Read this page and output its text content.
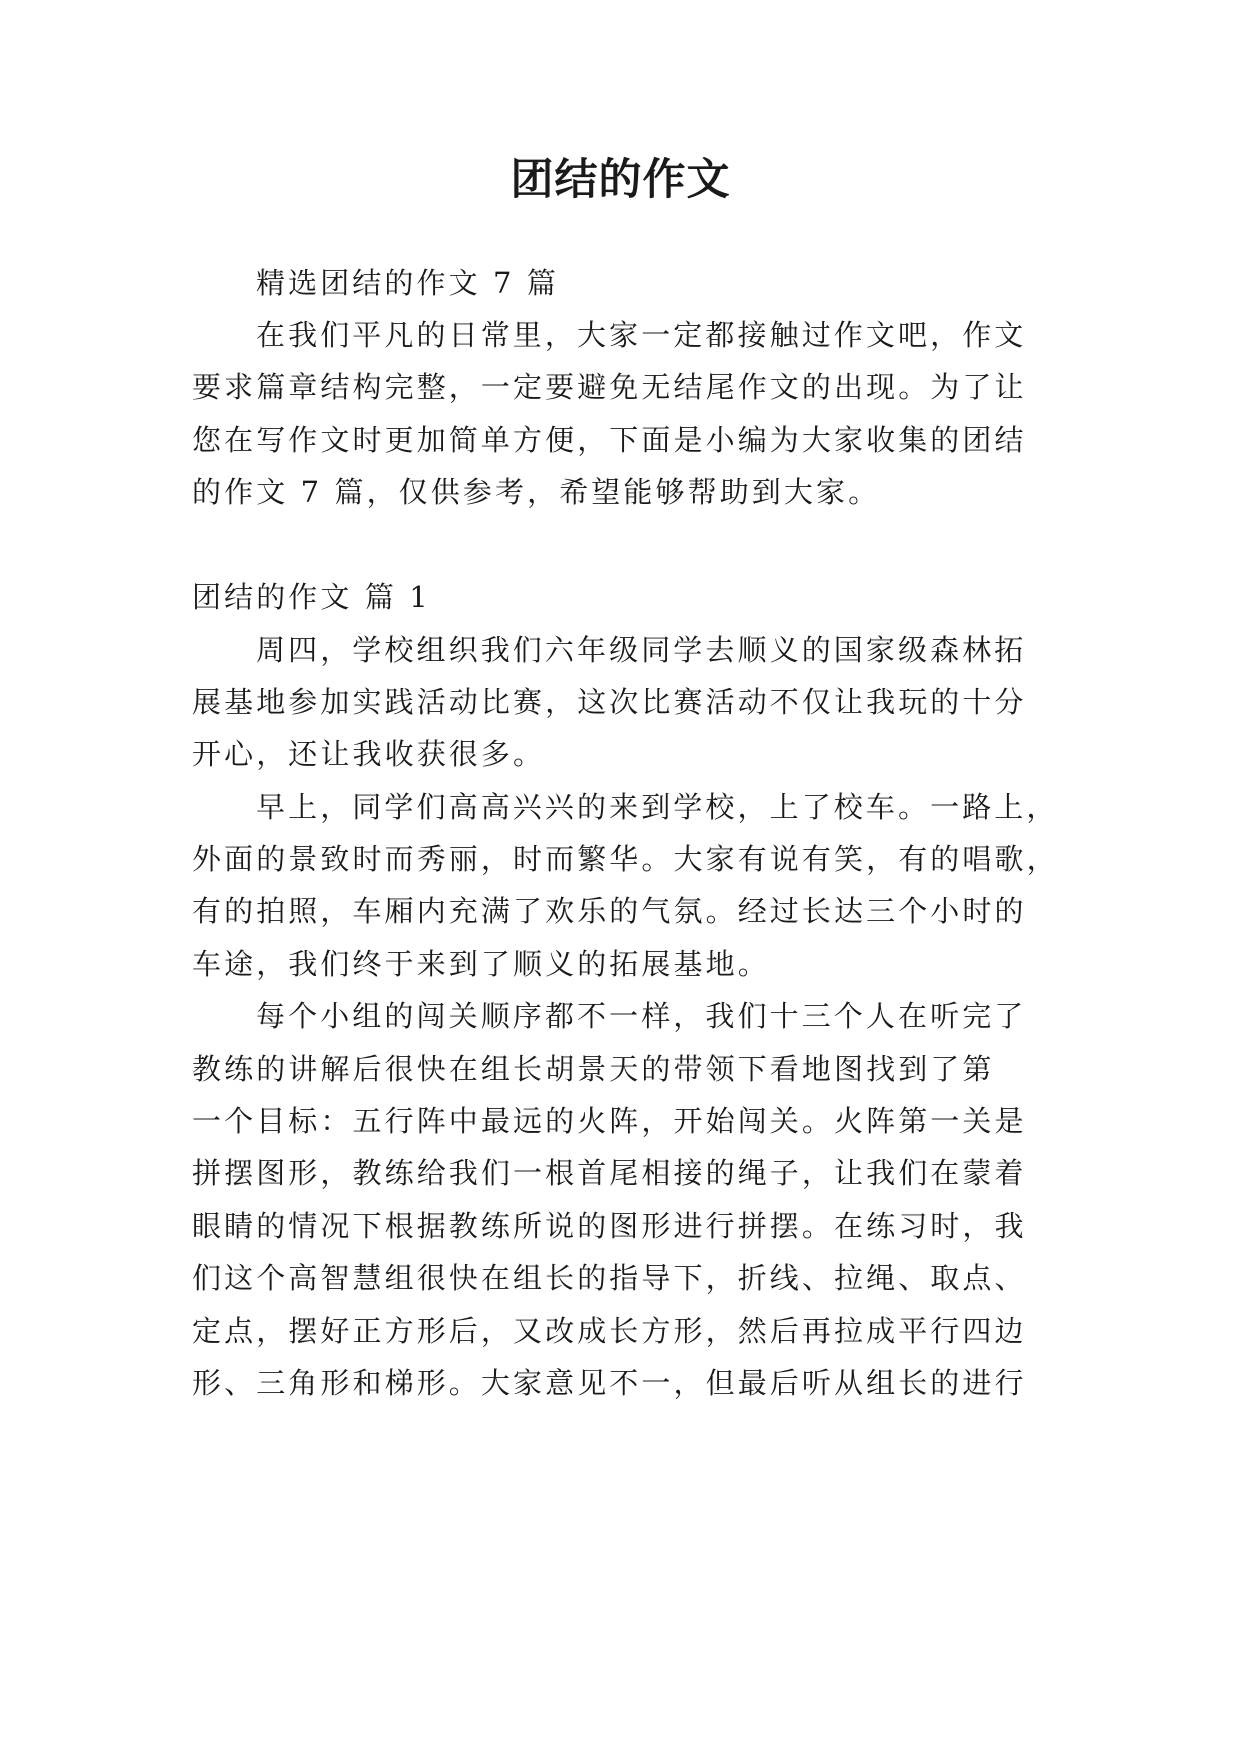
团结的作文

精选团结的作文 7 篇

在我们平凡的日常里，大家一定都接触过作文吧，作文

要求篇章结构完整，一定要避免无结尾作文的出现。为了让

您在写作文时更加简单方便，下面是小编为大家收集的团结

的作文 7 篇，仅供参考，希望能够帮助到大家。

团结的作文 篇 1

周四，学校组织我们六年级同学去顺义的国家级森林拓

展基地参加实践活动比赛，这次比赛活动不仅让我玩的十分

开心，还让我收获很多。

早上，同学们高高兴兴的来到学校，上了校车。一路上，

外面的景致时而秀丽，时而繁华。大家有说有笑，有的唱歌，

有的拍照，车厢内充满了欢乐的气氛。经过长达三个小时的

车途，我们终于来到了顺义的拓展基地。

每个小组的闯关顺序都不一样，我们十三个人在听完了

教练的讲解后很快在组长胡景天的带领下看地图找到了第

一个目标：五行阵中最远的火阵，开始闯关。火阵第一关是

拼摆图形，教练给我们一根首尾相接的绳子，让我们在蒙着

眼睛的情况下根据教练所说的图形进行拼摆。在练习时，我

们这个高智慧组很快在组长的指导下，折线、拉绳、取点、

定点，摆好正方形后，又改成长方形，然后再拉成平行四边

形、三角形和梯形。大家意见不一，但最后听从组长的进行
